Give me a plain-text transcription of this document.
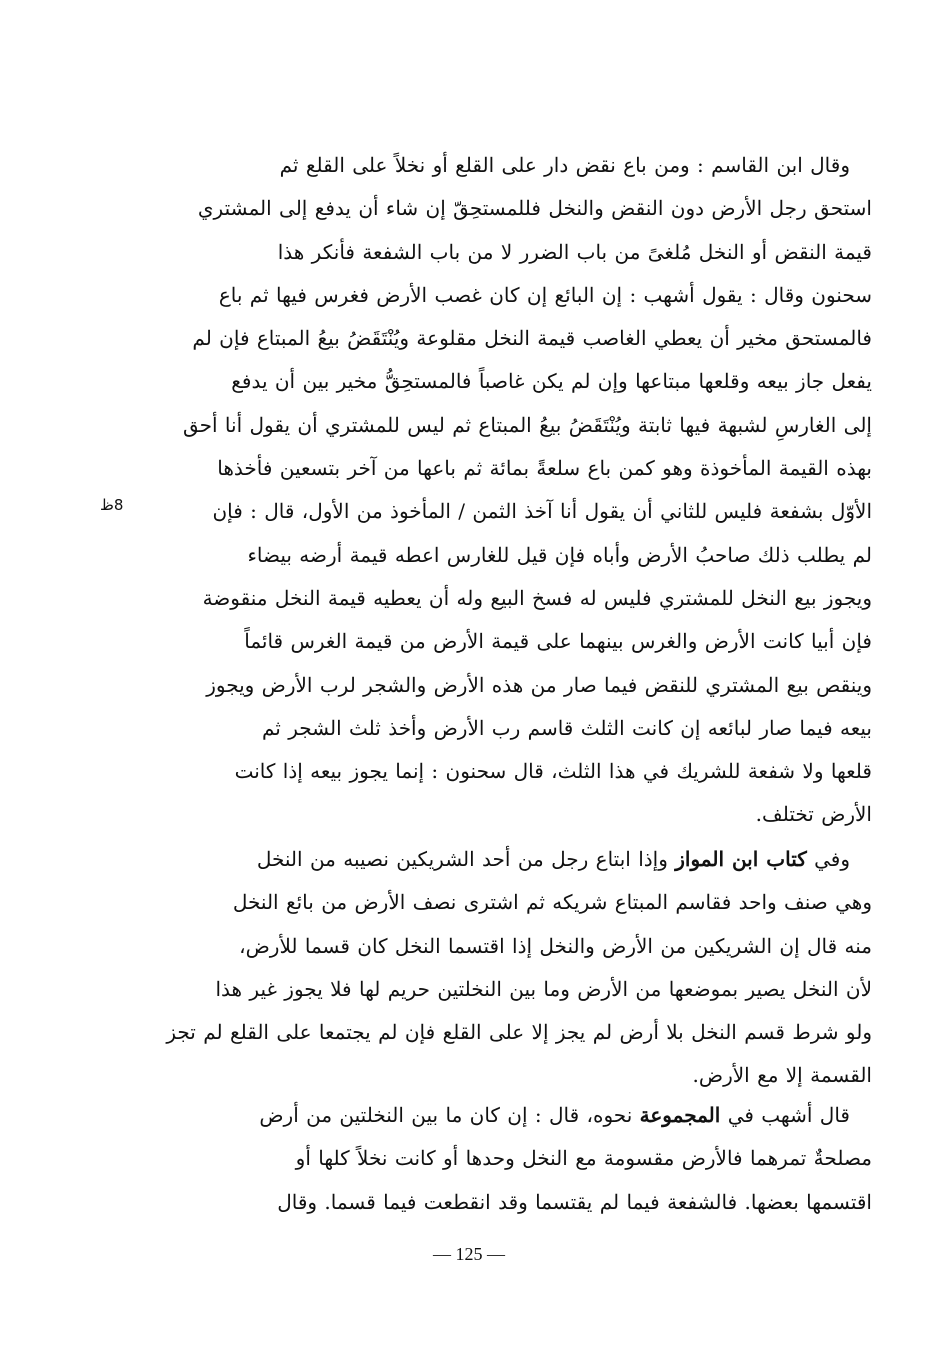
8ظ

وقال ابن القاسم : ومن باع نقض دار على القلع أو نخلاً على القلع ثم

استحق رجل الأرض دون النقض والنخل فللمستحِقّ إن شاء أن يدفع إلى المشتري

قيمة النقض أو النخل مُلغىً من باب الضرر لا من باب الشفعة فأنكر هذا

سحنون وقال : يقول أشهب : إن البائع إن كان غصب الأرض فغرس فيها ثم باع

فالمستحق مخير أن يعطي الغاصب قيمة النخل مقلوعة ويُنْتَقَضُ بيعُ المبتاع فإن لم

يفعل جاز بيعه وقلعها مبتاعها وإن لم يكن غاصباً فالمستحِقُّ مخير بين أن يدفع

إلى الغارسِ لشبهة فيها ثابتة ويُنْتَقَضُ بيعُ المبتاع ثم ليس للمشتري أن يقول أنا أحق

بهذه القيمة المأخوذة وهو كمن باع سلعةً بمائة ثم باعها من آخر بتسعين فأخذها

الأوّل بشفعة فليس للثاني أن يقول أنا آخذ الثمن / المأخوذ من الأول، قال : فإن

لم يطلب ذلك صاحبُ الأرض وأباه فإن قيل للغارس اعطه قيمة أرضه بيضاء

ويجوز بيع النخل للمشتري فليس له فسخ البيع وله أن يعطيه قيمة النخل منقوضة

فإن أبيا كانت الأرض والغرس بينهما على قيمة الأرض من قيمة الغرس قائماً

وينقص بيع المشتري للنقض فيما صار من هذه الأرض والشجر لرب الأرض ويجوز

بيعه فيما صار لبائعه إن كانت الثلث قاسم رب الأرض وأخذ ثلث الشجر ثم

قلعها ولا شفعة للشريك في هذا الثلث، قال سحنون : إنما يجوز بيعه إذا كانت

الأرض تختلف.

وفي كتاب ابن المواز وإذا ابتاع رجل من أحد الشريكين نصيبه من النخل

وهي صنف واحد فقاسم المبتاع شريكه ثم اشترى نصف الأرض من بائع النخل

منه قال إن الشريكين من الأرض والنخل إذا اقتسما النخل كان قسما للأرض،

لأن النخل يصير بموضعها من الأرض وما بين النخلتين حريم لها فلا يجوز غير هذا

ولو شرط قسم النخل بلا أرض لم يجز إلا على القلع فإن لم يجتمعا على القلع لم تجز

القسمة إلا مع الأرض.

قال أشهب في المجموعة نحوه، قال : إن كان ما بين النخلتين من أرض

مصلحةٌ تمرهما فالأرض مقسومة مع النخل وحدها أو كانت نخلاً كلها أو

اقتسمها بعضها. فالشفعة فيما لم يقتسما وقد انقطعت فيما قسما. وقال

— 125 —
